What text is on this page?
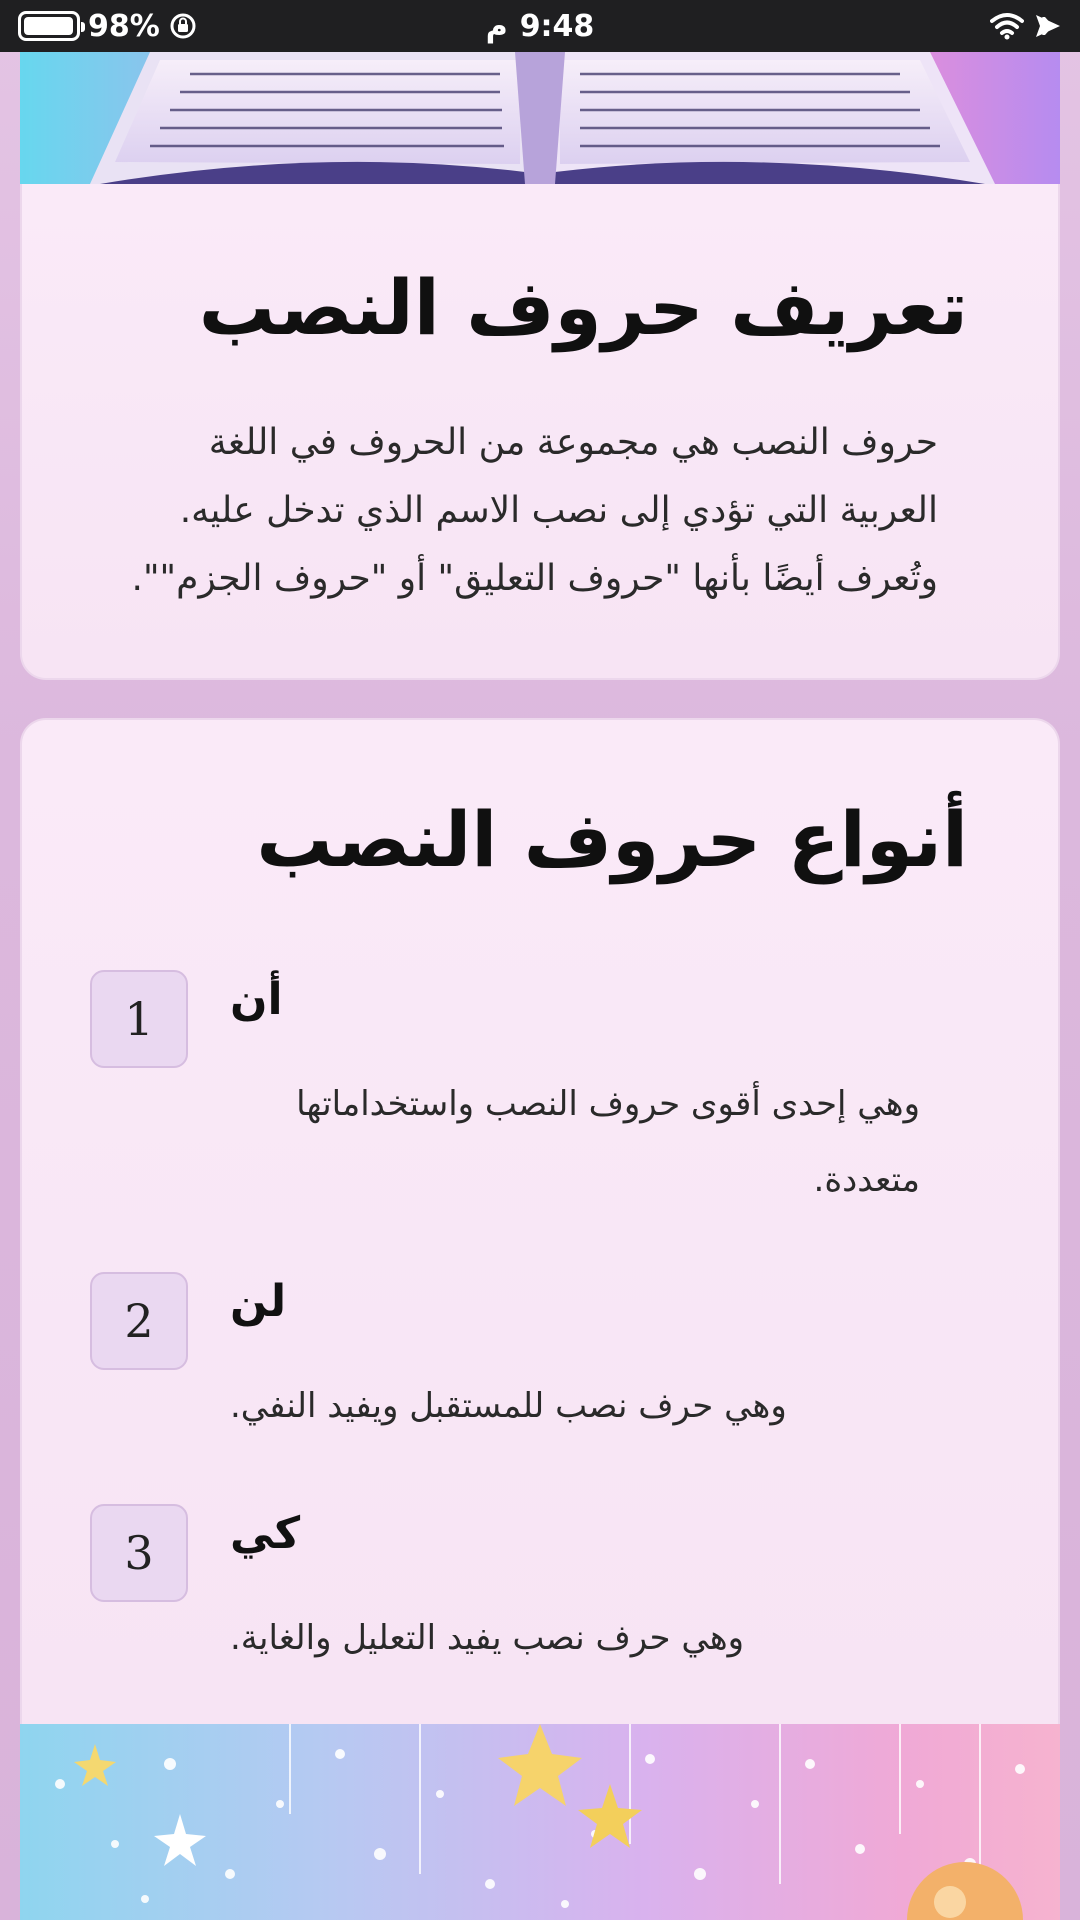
98%	م 9:48
تعريف حروف النصب

حروف النصب هي مجموعة من الحروف في اللغة العربية التي تؤدي إلى نصب الاسم الذي تدخل عليه. وتُعرف أيضًا بأنها "حروف التعليق" أو "حروف الجزم"".

أنواع حروف النصب
1	أن
وهي إحدى أقوى حروف النصب واستخداماتها متعددة.
2	لن
وهي حرف نصب للمستقبل ويفيد النفي.
3	كي
وهي حرف نصب يفيد التعليل والغاية.
